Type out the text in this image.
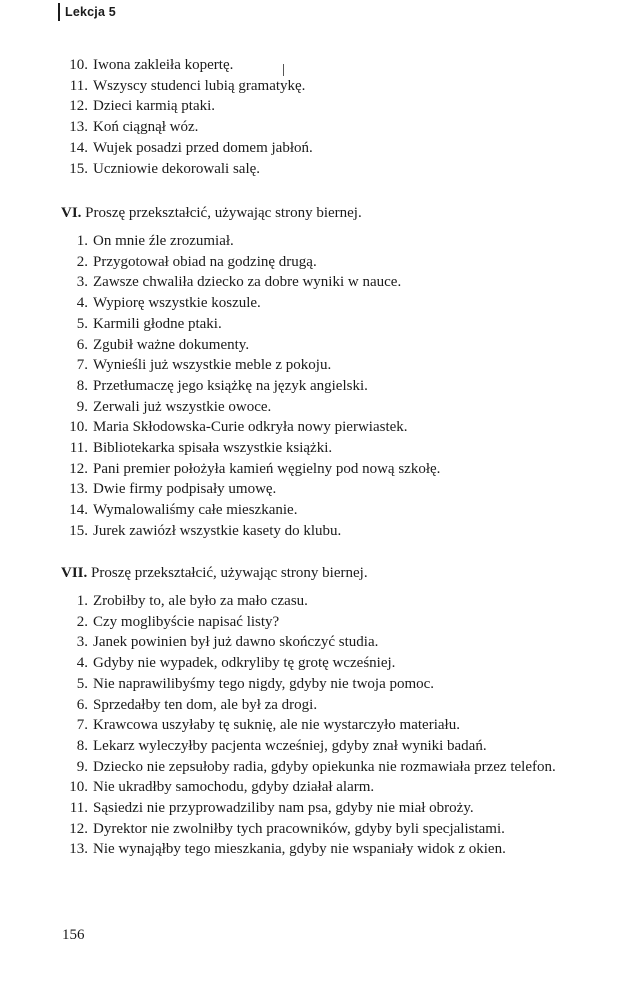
Lekcja 5
10. Iwona zakleiła kopertę.
11. Wszyscy studenci lubią gramatykę.
12. Dzieci karmią ptaki.
13. Koń ciągnął wóz.
14. Wujek posadzi przed domem jabłoń.
15. Uczniowie dekorowali salę.
VI. Proszę przekształcić, używając strony biernej.
1. On mnie źle zrozumiał.
2. Przygotował obiad na godzinę drugą.
3. Zawsze chwaliła dziecko za dobre wyniki w nauce.
4. Wypiorę wszystkie koszule.
5. Karmili głodne ptaki.
6. Zgubił ważne dokumenty.
7. Wynieśli już wszystkie meble z pokoju.
8. Przetłumaczę jego książkę na język angielski.
9. Zerwali już wszystkie owoce.
10. Maria Skłodowska-Curie odkryła nowy pierwiastek.
11. Bibliotekarka spisała wszystkie książki.
12. Pani premier położyła kamień węgielny pod nową szkołę.
13. Dwie firmy podpisały umowę.
14. Wymalowaliśmy całe mieszkanie.
15. Jurek zawiózł wszystkie kasety do klubu.
VII. Proszę przekształcić, używając strony biernej.
1. Zrobiłby to, ale było za mało czasu.
2. Czy moglibyście napisać listy?
3. Janek powinien był już dawno skończyć studia.
4. Gdyby nie wypadek, odkryliby tę grotę wcześniej.
5. Nie naprawilibyśmy tego nigdy, gdyby nie twoja pomoc.
6. Sprzedałby ten dom, ale był za drogi.
7. Krawcowa uszyłaby tę suknię, ale nie wystarczyło materiału.
8. Lekarz wyleczyłby pacjenta wcześniej, gdyby znał wyniki badań.
9. Dziecko nie zepsułoby radia, gdyby opiekunka nie rozmawiała przez telefon.
10. Nie ukradłby samochodu, gdyby działał alarm.
11. Sąsiedzi nie przyprowadziliby nam psa, gdyby nie miał obroży.
12. Dyrektor nie zwolniłby tych pracowników, gdyby byli specjalistami.
13. Nie wynająłby tego mieszkania, gdyby nie wspaniały widok z okien.
156
